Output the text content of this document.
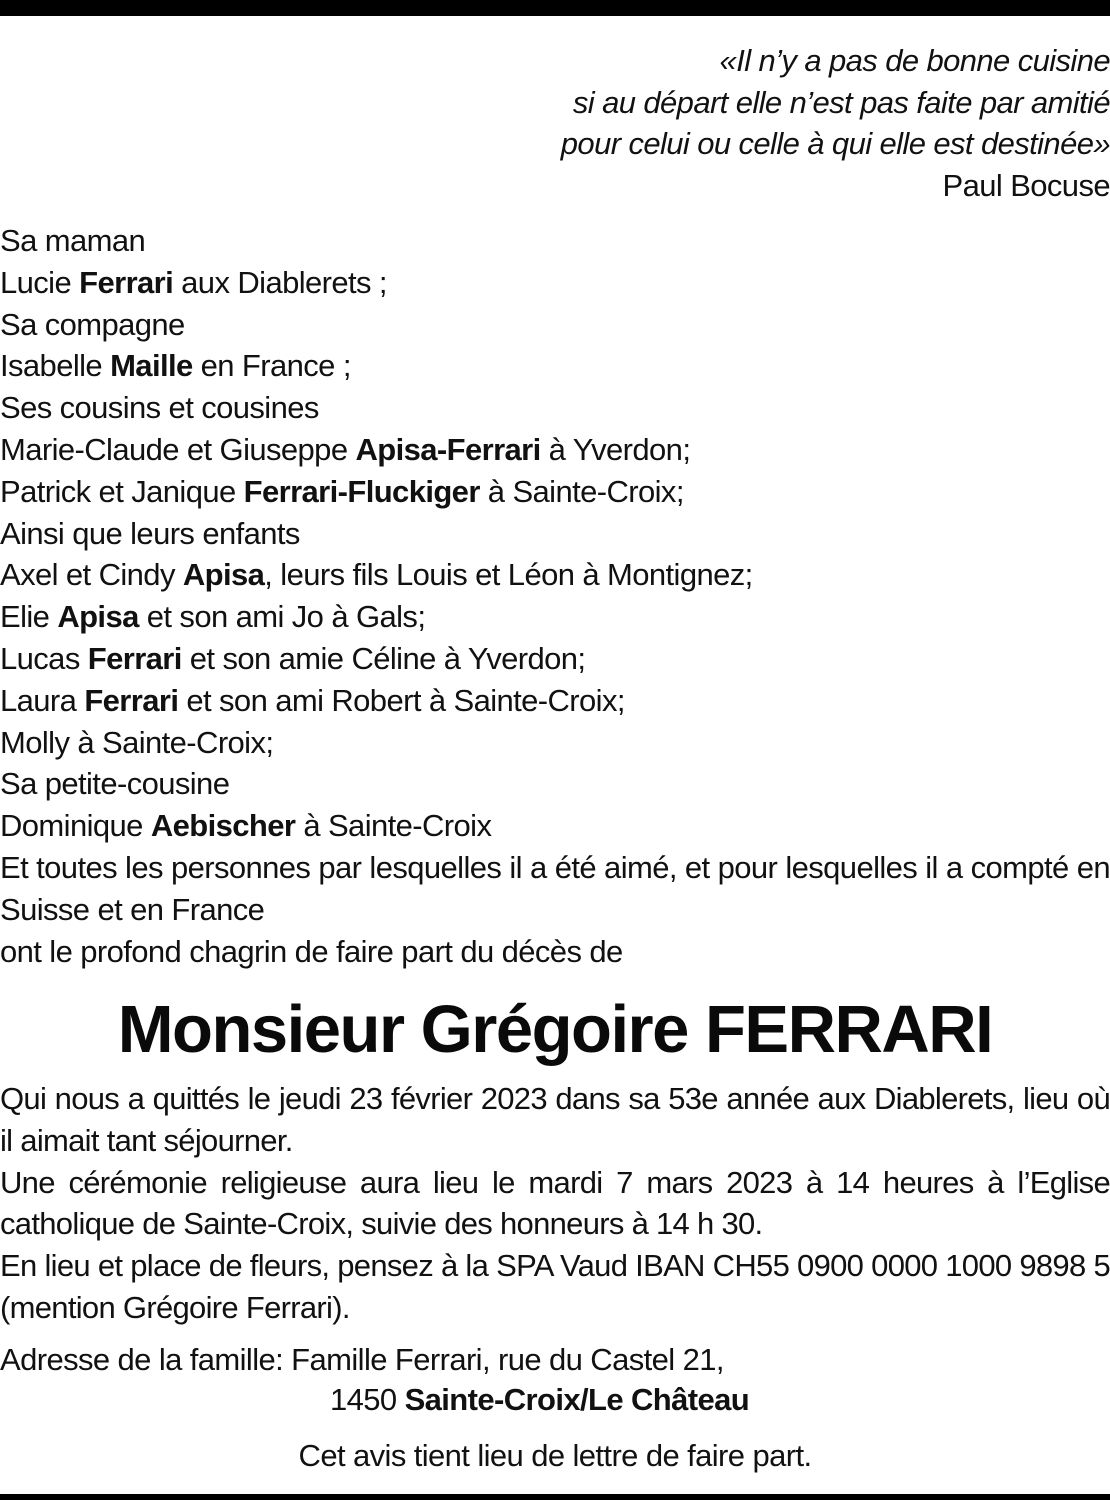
«Il n’y a pas de bonne cuisine
si au départ elle n’est pas faite par amitié
pour celui ou celle à qui elle est destinée»
Paul Bocuse
Sa maman
Lucie Ferrari aux Diablerets ;
Sa compagne
Isabelle Maille en France ;
Ses cousins et cousines
Marie-Claude et Giuseppe Apisa-Ferrari à Yverdon;
Patrick et Janique Ferrari-Fluckiger à Sainte-Croix;
Ainsi que leurs enfants
Axel et Cindy Apisa, leurs fils Louis et Léon à Montignez;
Elie Apisa et son ami Jo à Gals;
Lucas Ferrari et son amie Céline à Yverdon;
Laura Ferrari et son ami Robert à Sainte-Croix;
Molly à Sainte-Croix;
Sa petite-cousine
Dominique Aebischer à Sainte-Croix
Et toutes les personnes par lesquelles il a été aimé, et pour lesquelles il a compté en Suisse et en France
ont le profond chagrin de faire part du décès de
Monsieur Grégoire FERRARI

Qui nous a quittés le jeudi 23 février 2023 dans sa 53e année aux Diablerets, lieu où il aimait tant séjourner.

Une cérémonie religieuse aura lieu le mardi 7 mars 2023 à 14 heures à l’Eglise catholique de Sainte-Croix, suivie des honneurs à 14 h 30.

En lieu et place de fleurs, pensez à la SPA Vaud IBAN CH55 0900 0000 1000 9898 5 (mention Grégoire Ferrari).

Adresse de la famille: Famille Ferrari, rue du Castel 21,
1450 Sainte-Croix/Le Château
Cet avis tient lieu de lettre de faire part.
